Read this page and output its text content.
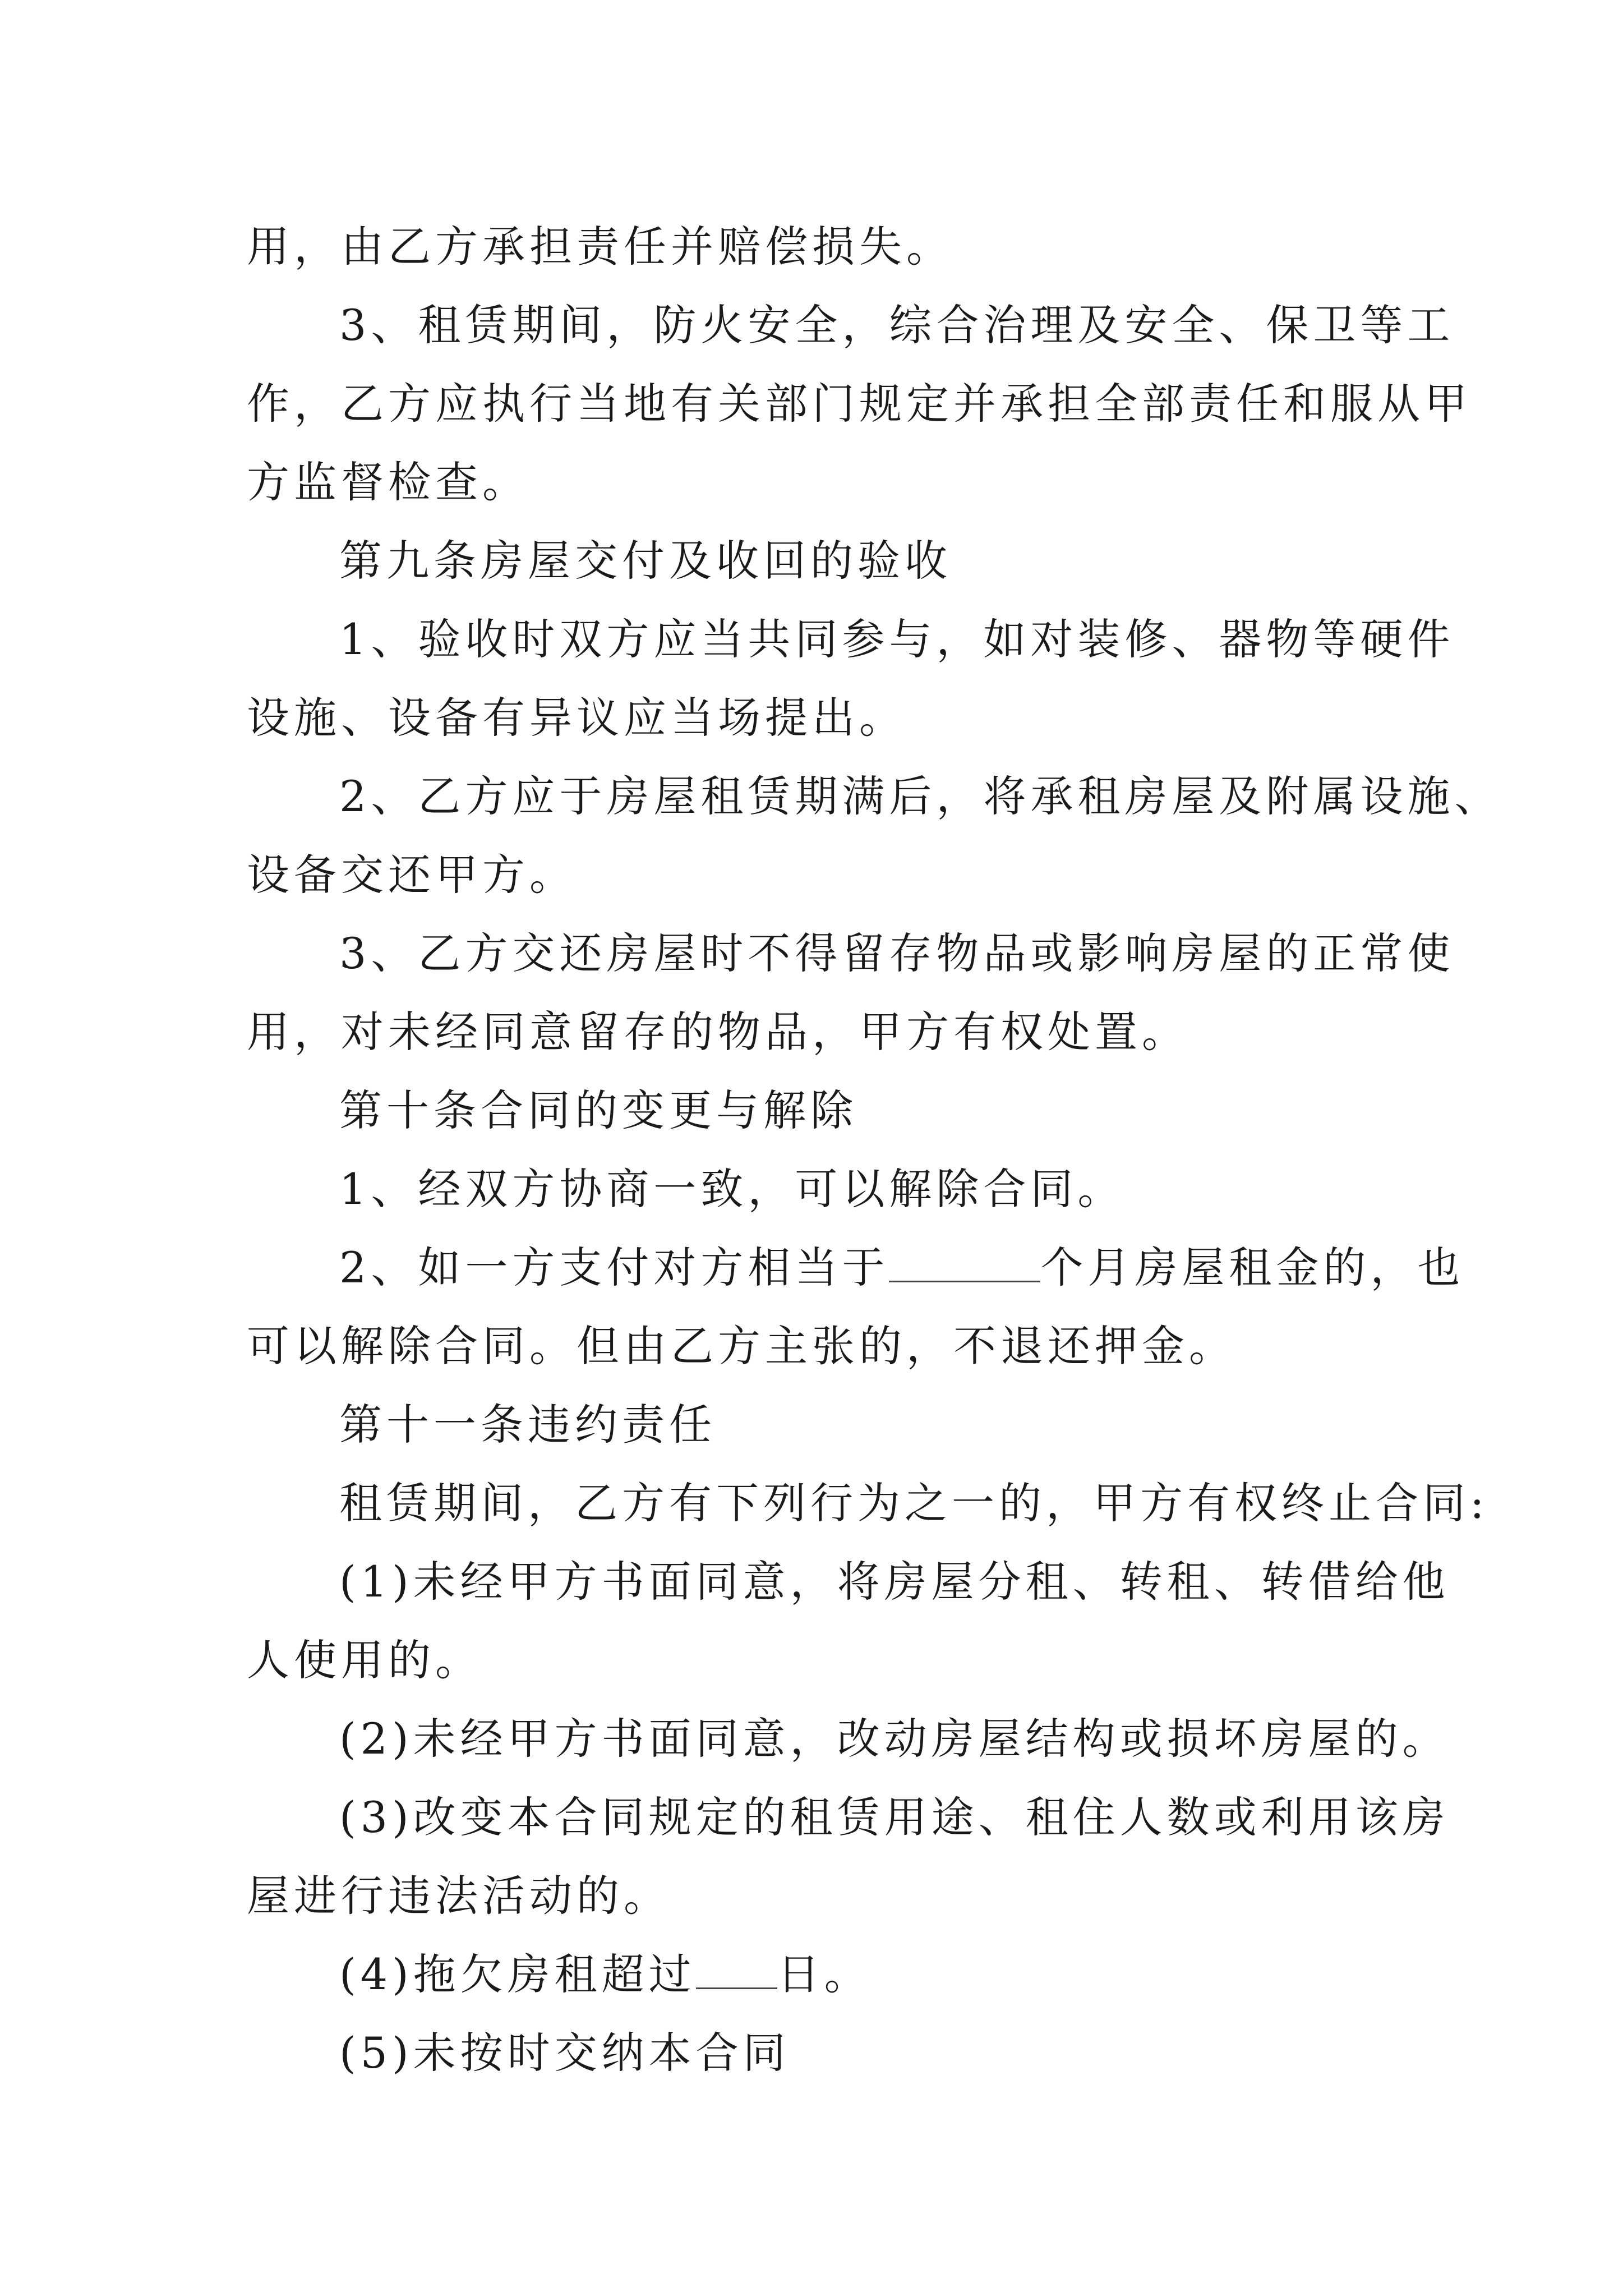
用，由乙方承担责任并赔偿损失。
3、租赁期间，防火安全，综合治理及安全、保卫等工
作，乙方应执行当地有关部门规定并承担全部责任和服从甲
方监督检查。
第九条房屋交付及收回的验收
1、验收时双方应当共同参与，如对装修、器物等硬件
设施、设备有异议应当场提出。
2、乙方应于房屋租赁期满后，将承租房屋及附属设施、
设备交还甲方。
3、乙方交还房屋时不得留存物品或影响房屋的正常使
用，对未经同意留存的物品，甲方有权处置。
第十条合同的变更与解除
1、经双方协商一致，可以解除合同。
2、如一方支付对方相当于	个月房屋租金的，也
可以解除合同。但由乙方主张的，不退还押金。
第十一条违约责任
租赁期间，乙方有下列行为之一的，甲方有权终止合同:
(1)未经甲方书面同意，将房屋分租、转租、转借给他
人使用的。
(2)未经甲方书面同意，改动房屋结构或损坏房屋的。
(3)改变本合同规定的租赁用途、租住人数或利用该房
屋进行违法活动的。
(4)拖欠房租超过 日。
(5)未按时交纳本合同
